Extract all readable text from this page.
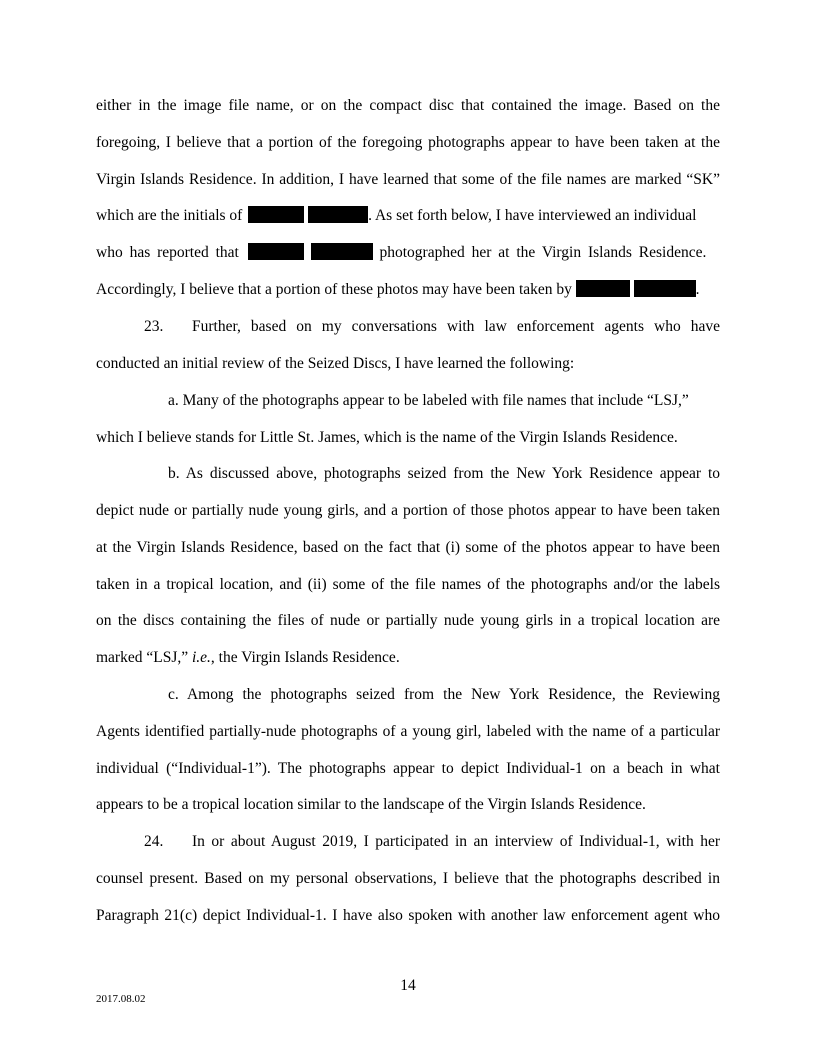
either in the image file name, or on the compact disc that contained the image. Based on the
foregoing, I believe that a portion of the foregoing photographs appear to have been taken at the
Virgin Islands Residence. In addition, I have learned that some of the file names are marked “SK”
which are the initials of	. As set forth below, I have interviewed an individual
who has reported that	photographed her at the Virgin Islands Residence.
Accordingly, I believe that a portion of these photos may have been taken by	.
23. Further, based on my conversations with law enforcement agents who have
conducted an initial review of the Seized Discs, I have learned the following:
a. Many of the photographs appear to be labeled with file names that include “LSJ,”
which I believe stands for Little St. James, which is the name of the Virgin Islands Residence.
b. As discussed above, photographs seized from the New York Residence appear to
depict nude or partially nude young girls, and a portion of those photos appear to have been taken
at the Virgin Islands Residence, based on the fact that (i) some of the photos appear to have been
taken in a tropical location, and (ii) some of the file names of the photographs and/or the labels
on the discs containing the files of nude or partially nude young girls in a tropical location are
marked “LSJ,” i.e., the Virgin Islands Residence.
c. Among the photographs seized from the New York Residence, the Reviewing
Agents identified partially-nude photographs of a young girl, labeled with the name of a particular
individual (“Individual-1”). The photographs appear to depict Individual-1 on a beach in what
appears to be a tropical location similar to the landscape of the Virgin Islands Residence.
24. In or about August 2019, I participated in an interview of Individual-1, with her
counsel present. Based on my personal observations, I believe that the photographs described in
Paragraph 21(c) depict Individual-1. I have also spoken with another law enforcement agent who
14
2017.08.02
